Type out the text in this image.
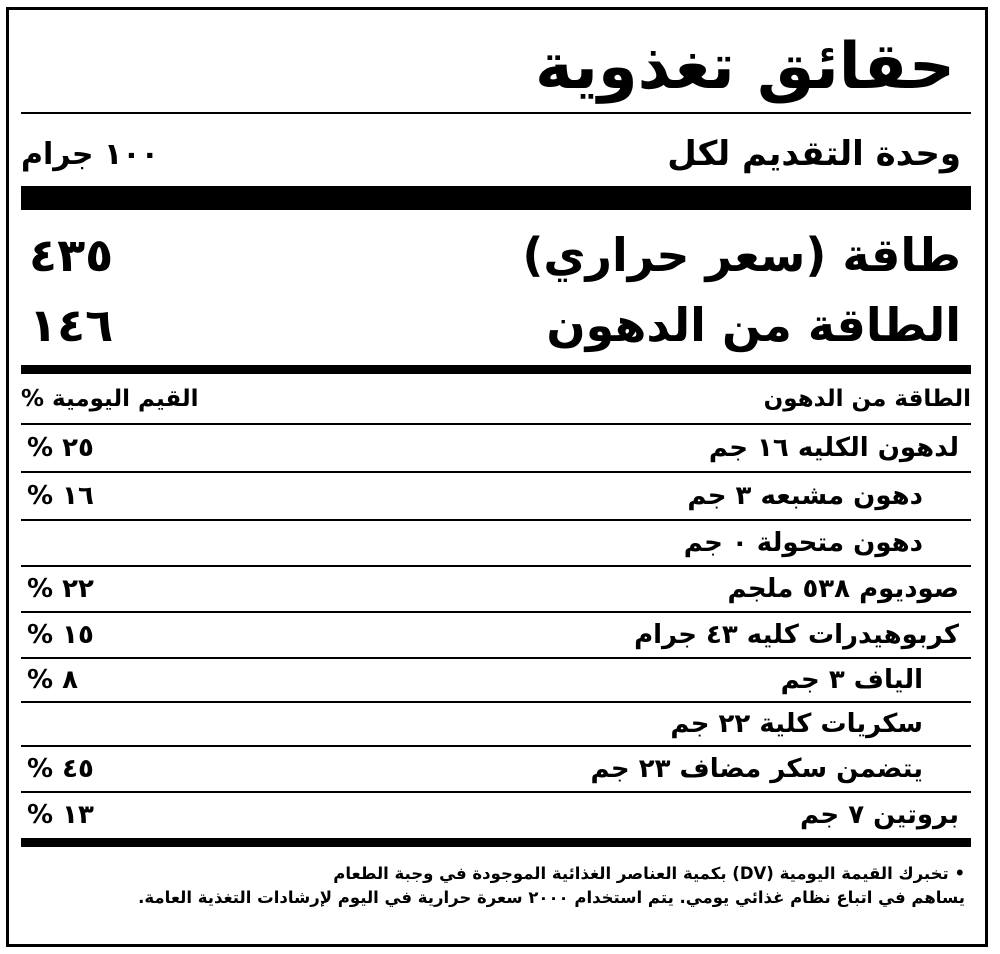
حقائق تغذوية
١٠٠ جرام	وحدة التقديم لكل
٤٣٥	طاقة (سعر حراري)
١٤٦	الطاقة من الدهون
القيم اليومية %	الطاقة من الدهون
٢٥ %	لدهون الكليه ١٦ جم
١٦ %	دهون مشبعه ٣ جم
دهون متحولة ٠ جم
٢٢ %	صوديوم ٥٣٨ ملجم
١٥ %	كربوهيدرات كليه ٤٣ جرام
٨ %	الياف ٣ جم
سكريات كلية ٢٢ جم
٤٥ %	يتضمن سكر مضاف ٢٣ جم
١٣ %	بروتين ٧ جم
• تخبرك القيمة اليومية (DV) بكمية العناصر الغذائية الموجودة في وجبة الطعام
يساهم في اتباع نظام غذائي يومي. يتم استخدام ٢٠٠٠ سعرة حرارية في اليوم لإرشادات التغذية العامة.
